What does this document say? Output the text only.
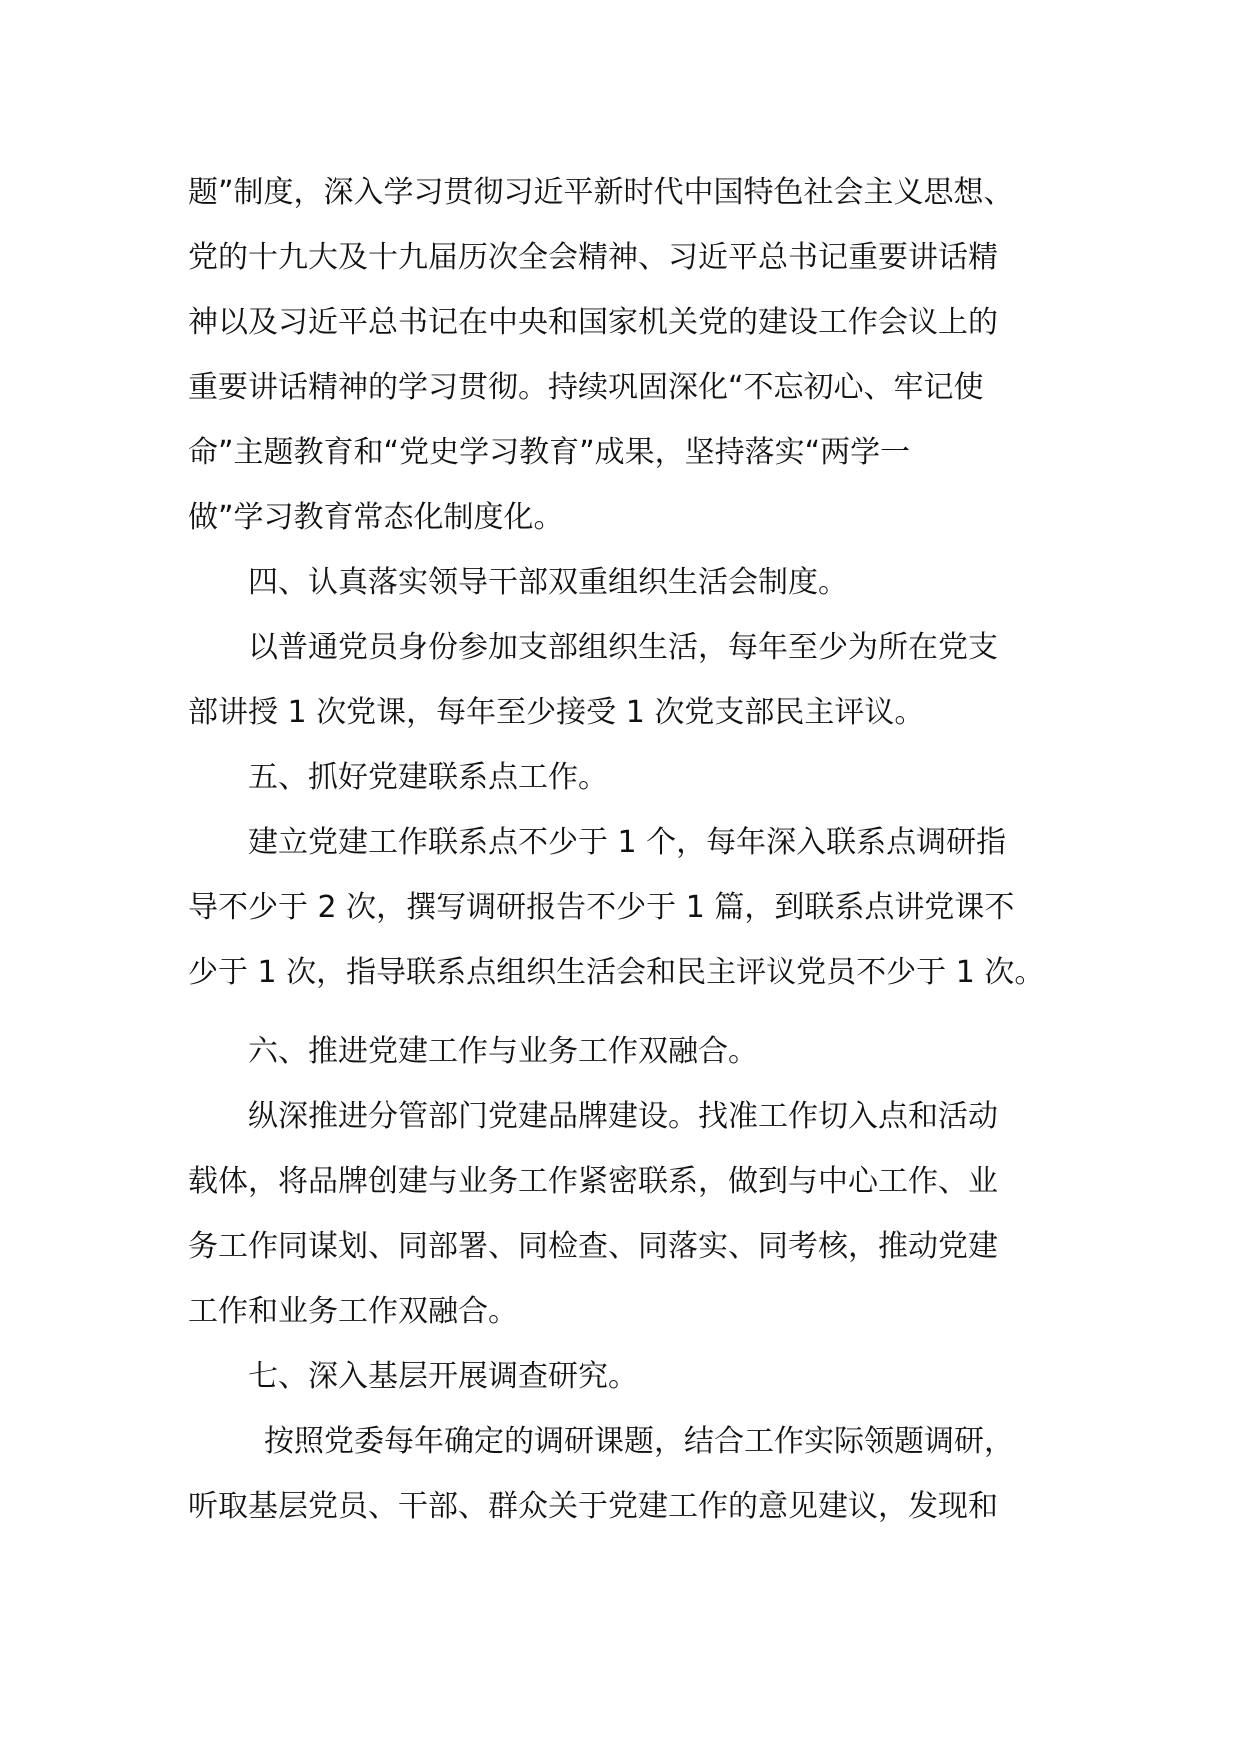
题”制度，深入学习贯彻习近平新时代中国特色社会主义思想、
党的十九大及十九届历次全会精神、习近平总书记重要讲话精
神以及习近平总书记在中央和国家机关党的建设工作会议上的
重要讲话精神的学习贯彻。持续巩固深化“不忘初心、牢记使
命”主题教育和“党史学习教育”成果，坚持落实“两学一
做”学习教育常态化制度化。
四、认真落实领导干部双重组织生活会制度。
以普通党员身份参加支部组织生活，每年至少为所在党支
部讲授 1 次党课，每年至少接受 1 次党支部民主评议。
五、抓好党建联系点工作。
建立党建工作联系点不少于 1 个，每年深入联系点调研指
导不少于 2 次，撰写调研报告不少于 1 篇，到联系点讲党课不
少于 1 次，指导联系点组织生活会和民主评议党员不少于 1 次。
六、推进党建工作与业务工作双融合。
纵深推进分管部门党建品牌建设。找准工作切入点和活动
载体，将品牌创建与业务工作紧密联系，做到与中心工作、业
务工作同谋划、同部署、同检查、同落实、同考核，推动党建
工作和业务工作双融合。
七、深入基层开展调查研究。
按照党委每年确定的调研课题，结合工作实际领题调研，
听取基层党员、干部、群众关于党建工作的意见建议，发现和
